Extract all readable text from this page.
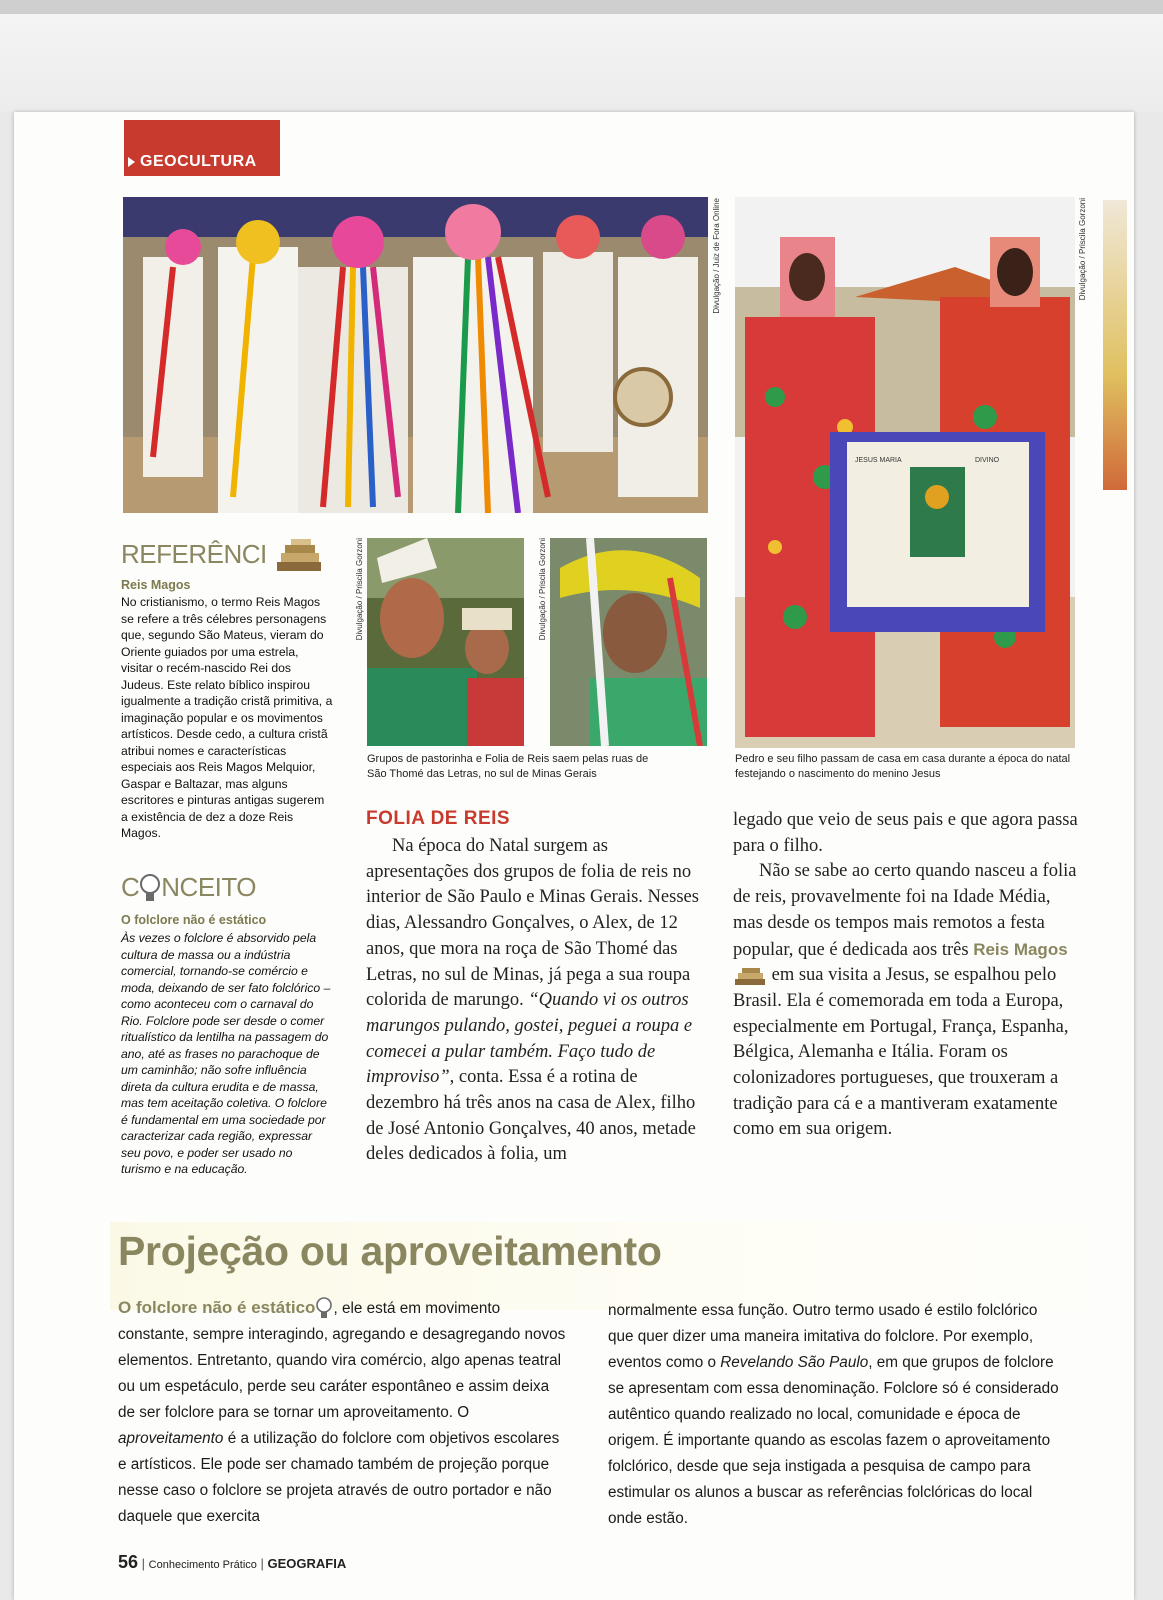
GEOCULTURA
Divulgação / Juiz de Fora Online
JESUS MARIA	DIVINO
Divulgação / Priscila Gorzoni
Divulgação / Priscila Gorzoni	Divulgação / Priscila Gorzoni
Grupos de pastorinha e Folia de Reis saem pelas ruas de São Thomé das Letras, no sul de Minas Gerais
Pedro e seu filho passam de casa em casa durante a época do natal festejando o nascimento do menino Jesus
REFERÊNCI
Reis Magos
No cristianismo, o termo Reis Magos se refere a três célebres personagens que, segundo São Mateus, vieram do Oriente guiados por uma estrela, visitar o recém-nascido Rei dos Judeus. Este relato bíblico inspirou igualmente a tradição cristã primitiva, a imaginação popular e os movimentos artísticos. Desde cedo, a cultura cristã atribui nomes e características especiais aos Reis Magos Melquior, Gaspar e Baltazar, mas alguns escritores e pinturas antigas sugerem a existência de dez a doze Reis Magos.
C NCEITO
O folclore não é estático
Às vezes o folclore é absorvido pela cultura de massa ou a indústria comercial, tornando-se comércio e moda, deixando de ser fato folclórico – como aconteceu com o carnaval do Rio. Folclore pode ser desde o comer ritualístico da lentilha na passagem do ano, até as frases no parachoque de um caminhão; não sofre influência direta da cultura erudita e de massa, mas tem aceitação coletiva. O folclore é fundamental em uma sociedade por caracterizar cada região, expressar seu povo, e poder ser usado no turismo e na educação.
FOLIA DE REIS
Na época do Natal surgem as apresentações dos grupos de folia de reis no interior de São Paulo e Minas Gerais. Nesses dias, Alessandro Gonçalves, o Alex, de 12 anos, que mora na roça de São Thomé das Letras, no sul de Minas, já pega a sua roupa colorida de marungo. “Quando vi os outros marungos pulando, gostei, peguei a roupa e comecei a pular também. Faço tudo de improviso”, conta. Essa é a rotina de dezembro há três anos na casa de Alex, filho de José Antonio Gonçalves, 40 anos, metade deles dedicados à folia, um
legado que veio de seus pais e que agora passa para o filho.
Não se sabe ao certo quando nasceu a folia de reis, provavelmente foi na Idade Média, mas desde os tempos mais remotos a festa popular, que é dedicada aos três Reis Magos em sua visita a Jesus, se espalhou pelo Brasil. Ela é comemorada em toda a Europa, especialmente em Portugal, França, Espanha, Bélgica, Alemanha e Itália. Foram os colonizadores portugueses, que trouxeram a tradição para cá e a mantiveram exatamente como em sua origem.
Projeção ou aproveitamento
O folclore não é estático , ele está em movimento constante, sempre interagindo, agregando e desagregando novos elementos. Entretanto, quando vira comércio, algo apenas teatral ou um espetáculo, perde seu caráter espontâneo e assim deixa de ser folclore para se tornar um aproveitamento. O aproveitamento é a utilização do folclore com objetivos escolares e artísticos. Ele pode ser chamado também de projeção porque nesse caso o folclore se projeta através de outro portador e não daquele que exercita
normalmente essa função. Outro termo usado é estilo folclórico que quer dizer uma maneira imitativa do folclore. Por exemplo, eventos como o Revelando São Paulo, em que grupos de folclore se apresentam com essa denominação. Folclore só é considerado autêntico quando realizado no local, comunidade e época de origem. É importante quando as escolas fazem o aproveitamento folclórico, desde que seja instigada a pesquisa de campo para estimular os alunos a buscar as referências folclóricas do local onde estão.
56 | Conhecimento Prático | GEOGRAFIA
